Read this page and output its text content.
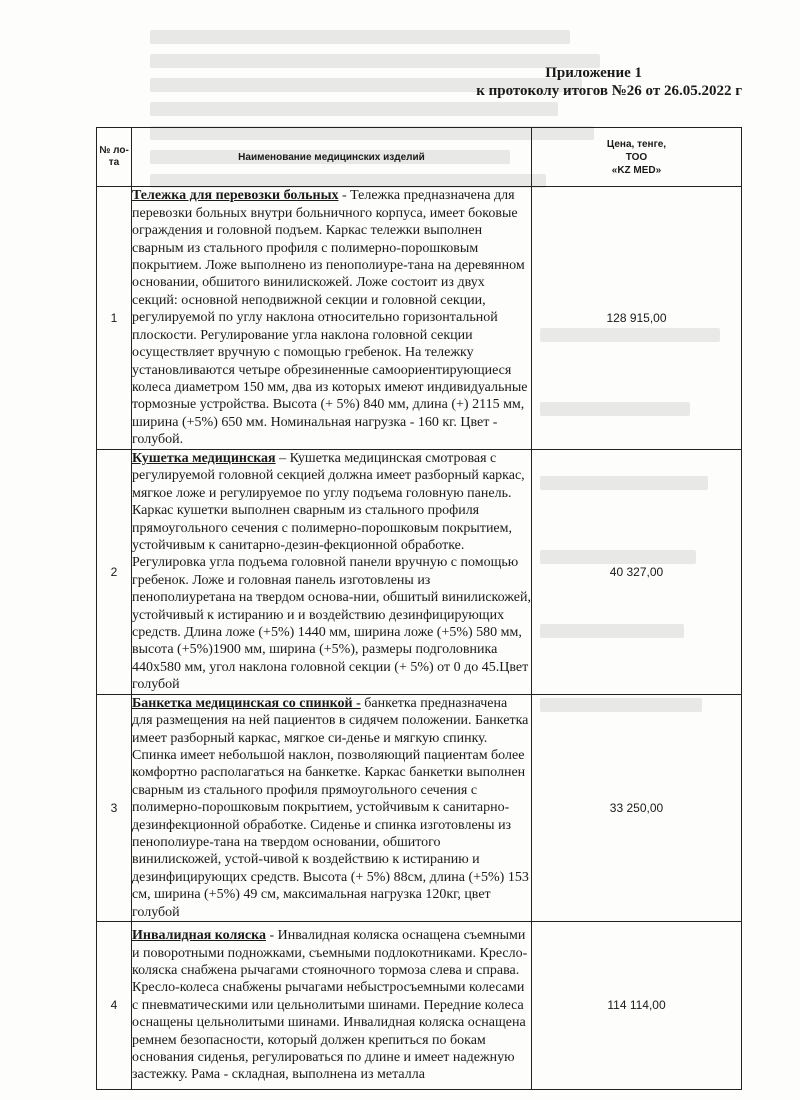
Приложение 1
к протоколу итогов №26 от 26.05.2022 г
№ ло-та	Наименование медицинских изделий	Цена, тенге,
ТОО
«KZ MED»

1	Тележка для перевозки больных - Тележка предназначена для перевозки больных внутри больничного корпуса, имеет боковые ограждения и головной подъем. Каркас тележки выполнен сварным из стального профиля с полимерно-порошковым покрытием. Ложе выполнено из пенополиуре-тана на деревянном основании, обшитого винилискожей. Ложе состоит из двух секций: основной неподвижной секции и головной секции, регулируемой по углу наклона относительно горизонтальной плоскости. Регулирование угла наклона головной секции осуществляет вручную с помощью гребенок. На тележку установливаются четыре обрезиненные самоориентирующиеся колеса диаметром 150 мм, два из которых имеют индивидуальные тормозные устройства. Высота (+ 5%) 840 мм, длина (+) 2115 мм, ширина (+5%) 650 мм. Номинальная нагрузка - 160 кг. Цвет - голубой.	128 915,00
2	Кушетка медицинская – Кушетка медицинская смотровая с регулируемой головной секцией должна имеет разборный каркас, мягкое ложе и регулируемое по углу подъема головную панель. Каркас кушетки выполнен сварным из стального профиля прямоугольного сечения с полимерно-порошковым покрытием, устойчивым к санитарно-дезин-фекционной обработке. Регулировка угла подъема головной панели вручную с помощью гребенок. Ложе и головная панель изготовлены из пенополиуретана на твердом основа-нии, обшитый винилискожей, устойчивый к истиранию и и воздействию дезинфицирующих средств. Длина ложе (+5%) 1440 мм, ширина ложе (+5%) 580 мм, высота (+5%)1900 мм, ширина (+5%), размеры подголовника 440x580 мм, угол наклона головной секции (+ 5%) от 0 до 45.Цвет голубой	40 327,00
3	Банкетка медицинская со спинкой - банкетка предназначена для размещения на ней пациентов в сидячем положении. Банкетка имеет разборный каркас, мягкое си-денье и мягкую спинку. Спинка имеет небольшой наклон, позволяющий пациентам более комфортно располагаться на банкетке. Каркас банкетки выполнен сварным из стального профиля прямоугольного сечения с полимерно-порошковым покрытием, устойчивым к санитарно-дезинфекционной обработке. Сиденье и спинка изготовлены из пенополиуре-тана на твердом основании, обшитого винилискожей, устой-чивой к воздействию к истиранию и дезинфицирующих средств. Высота (+ 5%) 88см, длина (+5%) 153 см, ширина (+5%) 49 см, максимальная нагрузка 120кг, цвет голубой	33 250,00
4	Инвалидная коляска - Инвалидная коляска оснащена съемными и поворотными подножками, съемными подлокотниками. Кресло-коляска снабжена рычагами стояночного тормоза слева и справа. Кресло-колеса снабжены рычагами небыстросъемными колесами с пневматическими или цельнолитыми шинами. Передние колеса оснащены цельнолитыми шинами. Инвалидная коляска оснащена ремнем безопасности, который должен крепиться по бокам основания сиденья, регулироваться по длине и имеет надежную застежку. Рама - складная, выполнена из металла	114 114,00
